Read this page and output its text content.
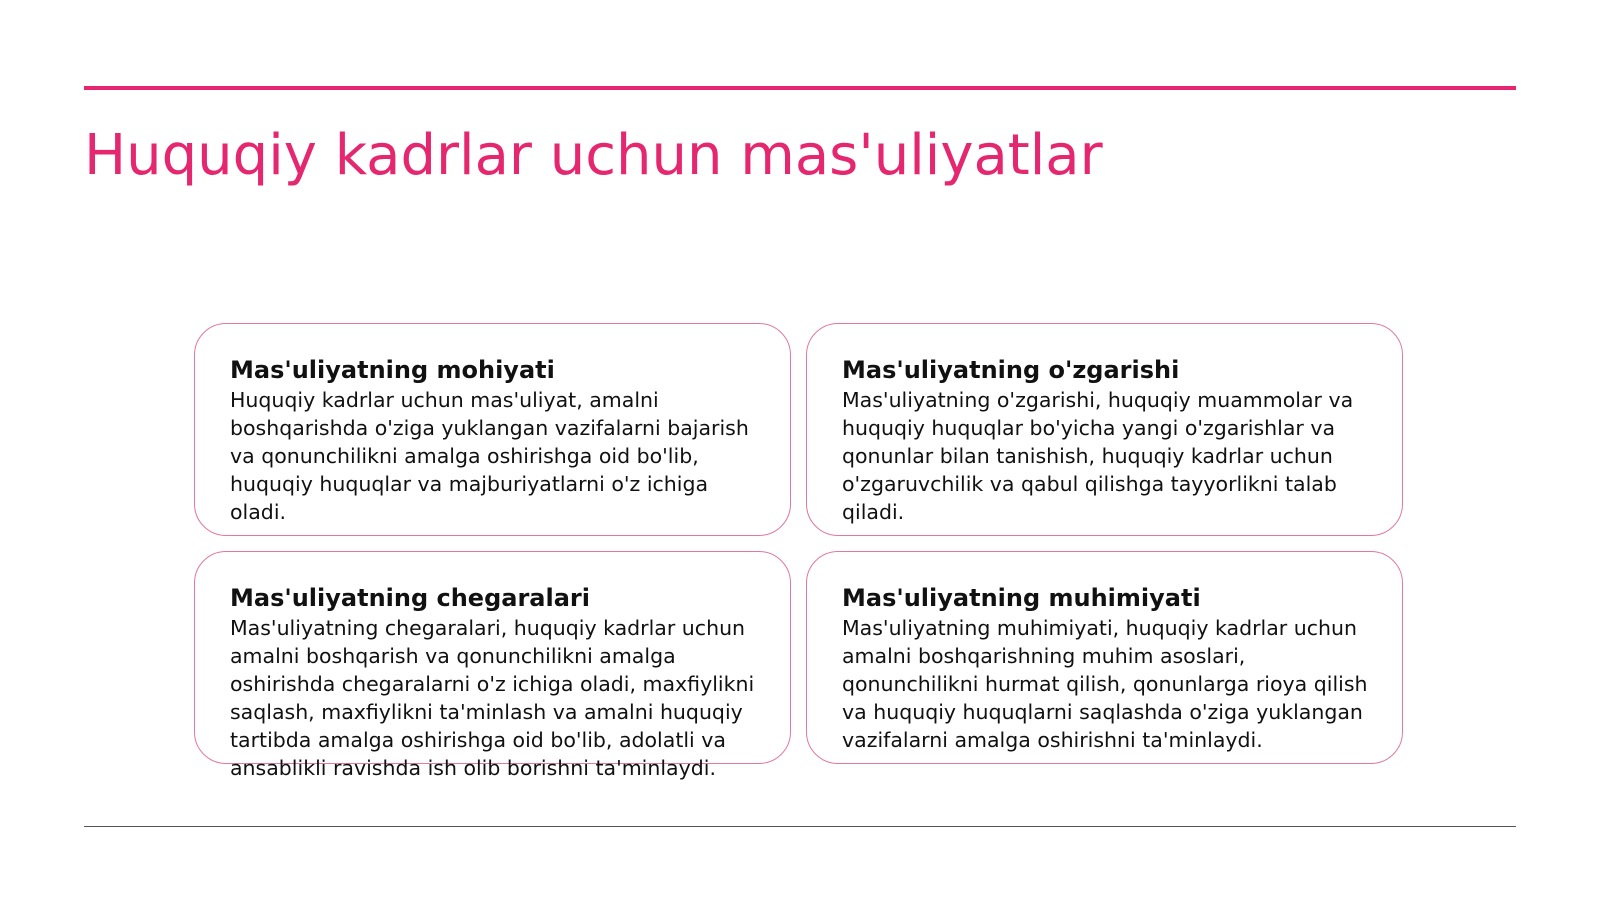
Huquqiy kadrlar uchun mas'uliyatlar
Mas'uliyatning mohiyati

Huquqiy kadrlar uchun mas'uliyat, amalni boshqarishda o'ziga yuklangan vazifalarni bajarish va qonunchilikni amalga oshirishga oid bo'lib, huquqiy huquqlar va majburiyatlarni o'z ichiga oladi.

Mas'uliyatning o'zgarishi

Mas'uliyatning o'zgarishi, huquqiy muammolar va huquqiy huquqlar bo'yicha yangi o'zgarishlar va qonunlar bilan tanishish, huquqiy kadrlar uchun o'zgaruvchilik va qabul qilishga tayyorlikni talab qiladi.

Mas'uliyatning chegaralari

Mas'uliyatning chegaralari, huquqiy kadrlar uchun amalni boshqarish va qonunchilikni amalga oshirishda chegaralarni o'z ichiga oladi, maxfiylikni saqlash, maxfiylikni ta'minlash va amalni huquqiy tartibda amalga oshirishga oid bo'lib, adolatli va ansablikli ravishda ish olib borishni ta'minlaydi.

Mas'uliyatning muhimiyati

Mas'uliyatning muhimiyati, huquqiy kadrlar uchun amalni boshqarishning muhim asoslari, qonunchilikni hurmat qilish, qonunlarga rioya qilish va huquqiy huquqlarni saqlashda o'ziga yuklangan vazifalarni amalga oshirishni ta'minlaydi.
